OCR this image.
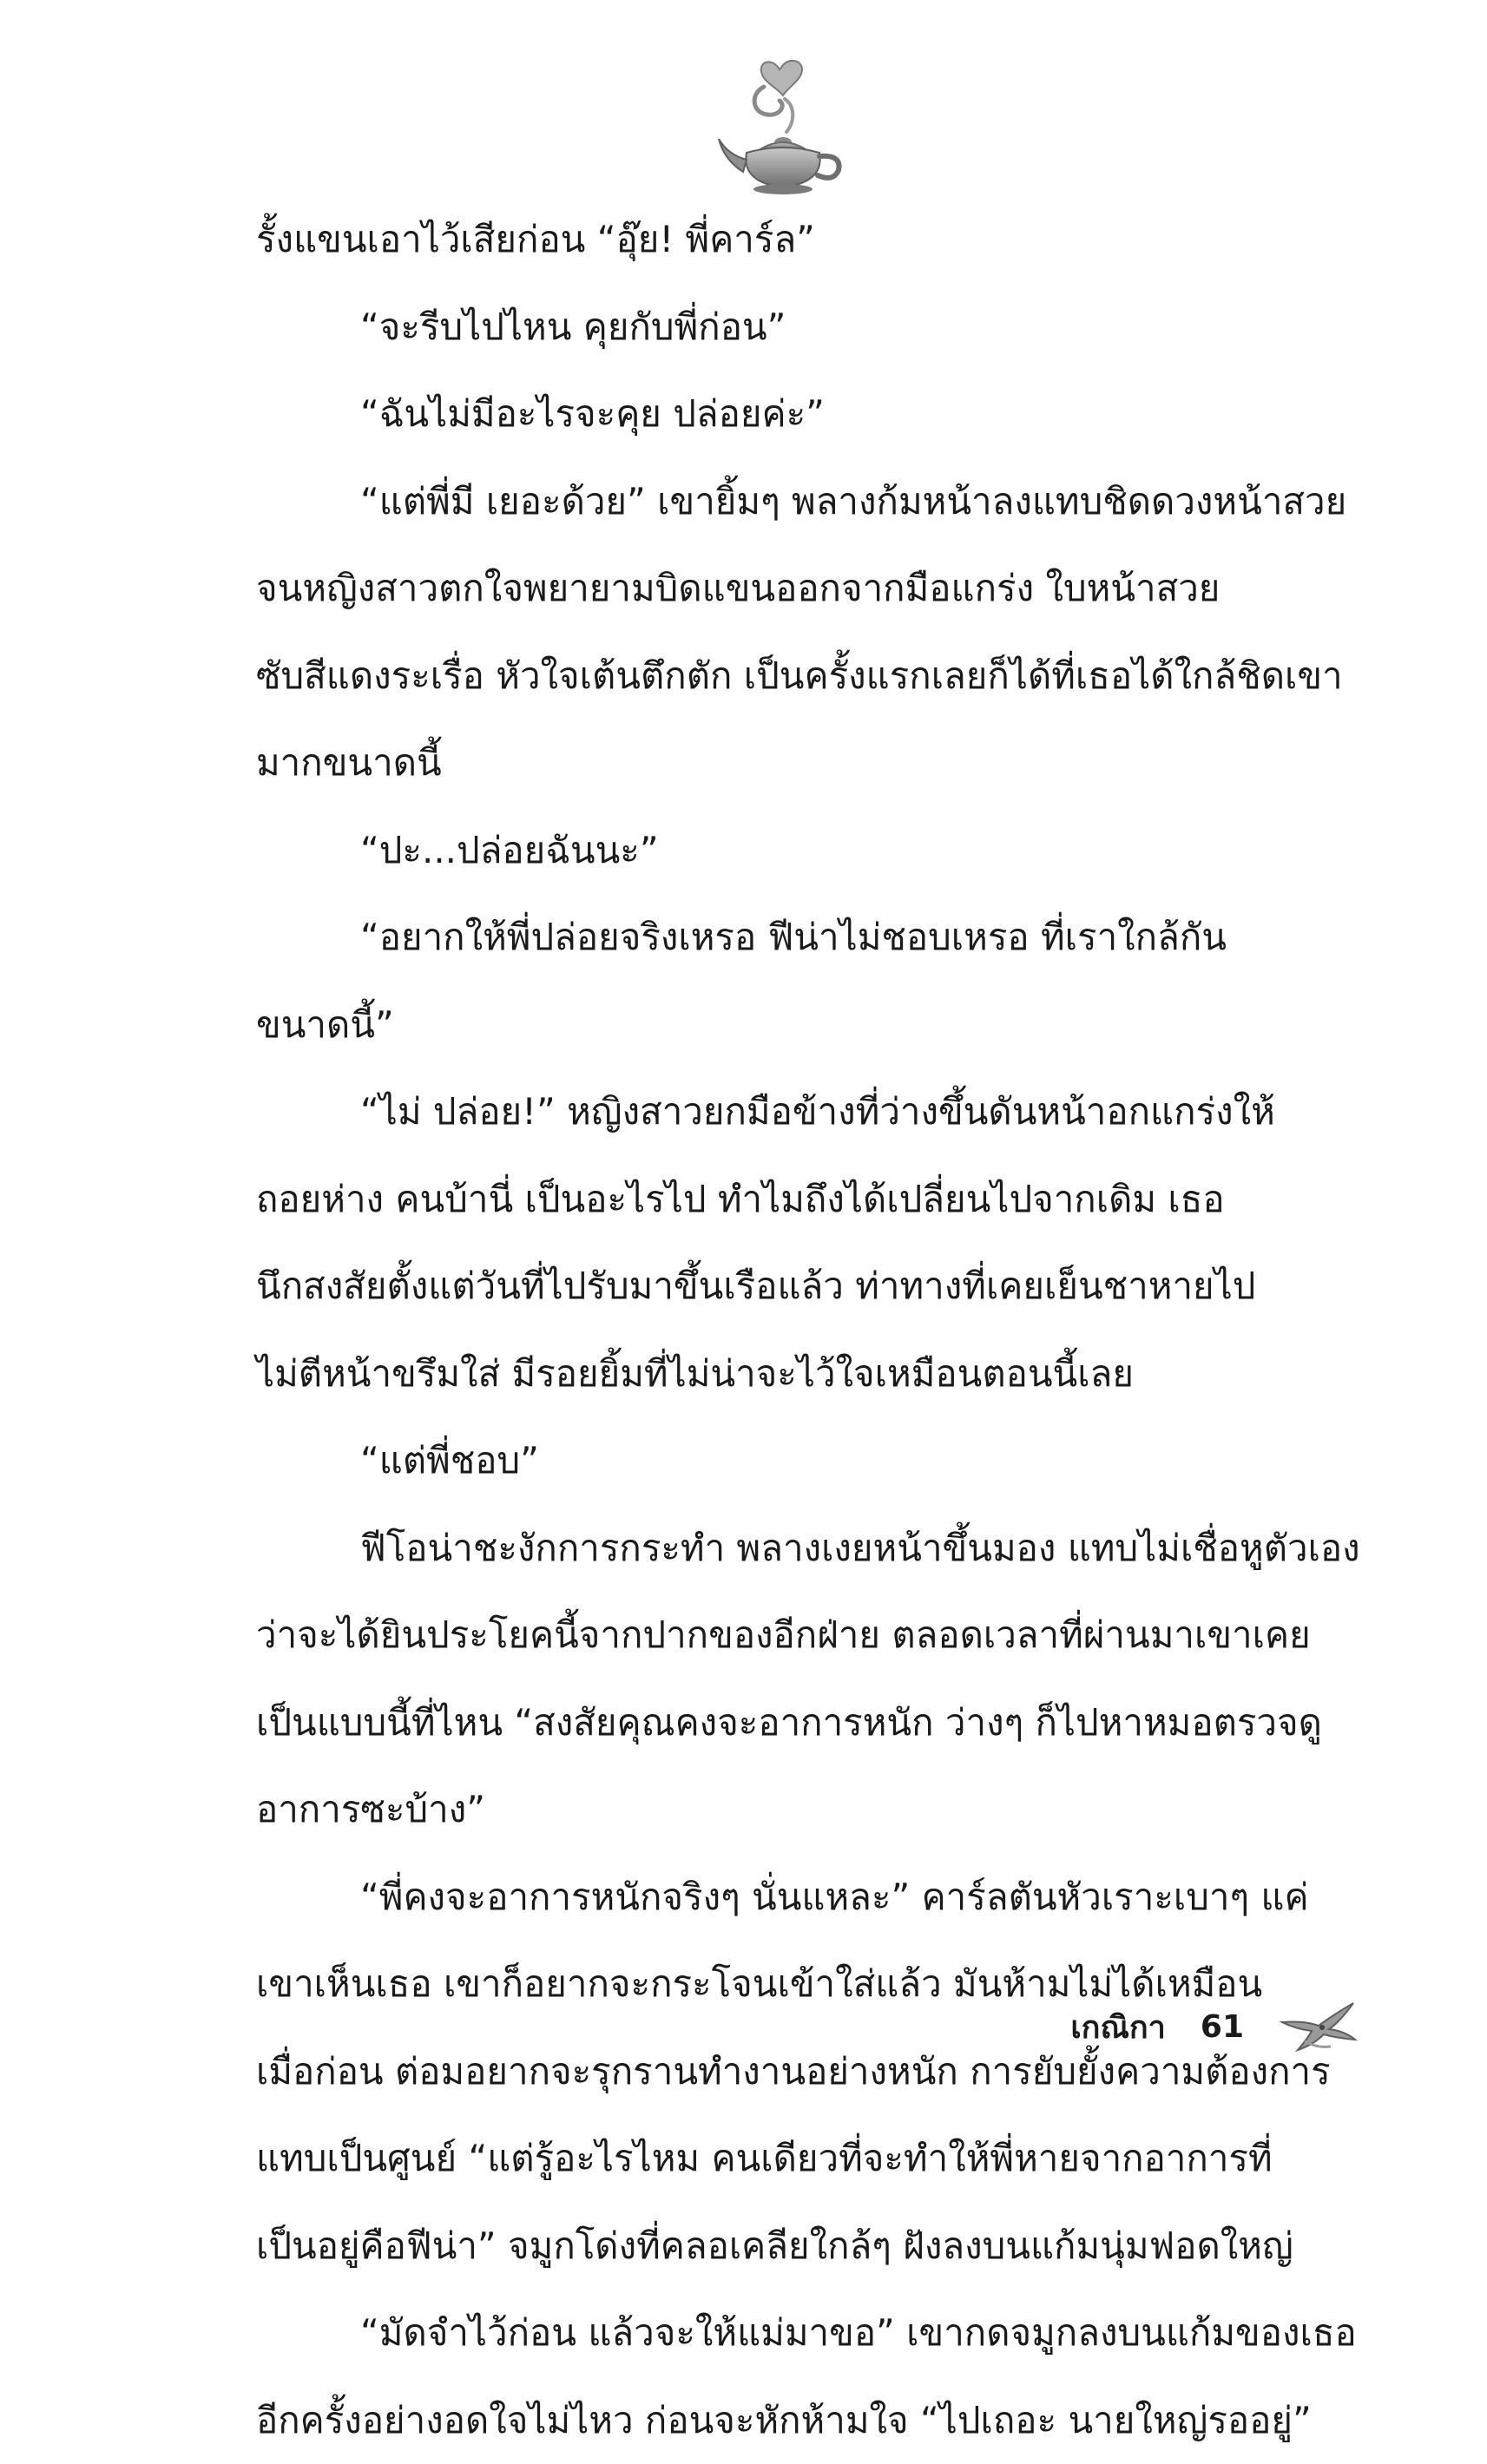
รั้งแขนเอาไว้เสียก่อน “อุ๊ย! พี่คาร์ล”
“จะรีบไปไหน คุยกับพี่ก่อน”
“ฉันไม่มีอะไรจะคุย ปล่อยค่ะ”
“แต่พี่มี เยอะด้วย” เขายิ้มๆ พลางก้มหน้าลงแทบชิดดวงหน้าสวย
จนหญิงสาวตกใจพยายามบิดแขนออกจากมือแกร่ง ใบหน้าสวย
ซับสีแดงระเรื่อ หัวใจเต้นตึกตัก เป็นครั้งแรกเลยก็ได้ที่เธอได้ใกล้ชิดเขา
มากขนาดนี้
“ปะ...ปล่อยฉันนะ”
“อยากให้พี่ปล่อยจริงเหรอ ฟีน่าไม่ชอบเหรอ ที่เราใกล้กัน
ขนาดนี้”
“ไม่ ปล่อย!” หญิงสาวยกมือข้างที่ว่างขึ้นดันหน้าอกแกร่งให้
ถอยห่าง คนบ้านี่ เป็นอะไรไป ทำไมถึงได้เปลี่ยนไปจากเดิม เธอ
นึกสงสัยตั้งแต่วันที่ไปรับมาขึ้นเรือแล้ว ท่าทางที่เคยเย็นชาหายไป
ไม่ตีหน้าขรึมใส่ มีรอยยิ้มที่ไม่น่าจะไว้ใจเหมือนตอนนี้เลย
“แต่พี่ชอบ”
ฟีโอน่าชะงักการกระทำ พลางเงยหน้าขึ้นมอง แทบไม่เชื่อหูตัวเอง
ว่าจะได้ยินประโยคนี้จากปากของอีกฝ่าย ตลอดเวลาที่ผ่านมาเขาเคย
เป็นแบบนี้ที่ไหน “สงสัยคุณคงจะอาการหนัก ว่างๆ ก็ไปหาหมอตรวจดู
อาการซะบ้าง”
“พี่คงจะอาการหนักจริงๆ นั่นแหละ” คาร์ลตันหัวเราะเบาๆ แค่
เขาเห็นเธอ เขาก็อยากจะกระโจนเข้าใส่แล้ว มันห้ามไม่ได้เหมือน
เมื่อก่อน ต่อมอยากจะรุกรานทำงานอย่างหนัก การยับยั้งความต้องการ
แทบเป็นศูนย์ “แต่รู้อะไรไหม คนเดียวที่จะทำให้พี่หายจากอาการที่
เป็นอยู่คือฟีน่า” จมูกโด่งที่คลอเคลียใกล้ๆ ฝังลงบนแก้มนุ่มฟอดใหญ่
“มัดจำไว้ก่อน แล้วจะให้แม่มาขอ” เขากดจมูกลงบนแก้มของเธอ
อีกครั้งอย่างอดใจไม่ไหว ก่อนจะหักห้ามใจ “ไปเถอะ นายใหญ่รออยู่”
เกณิกา 61
